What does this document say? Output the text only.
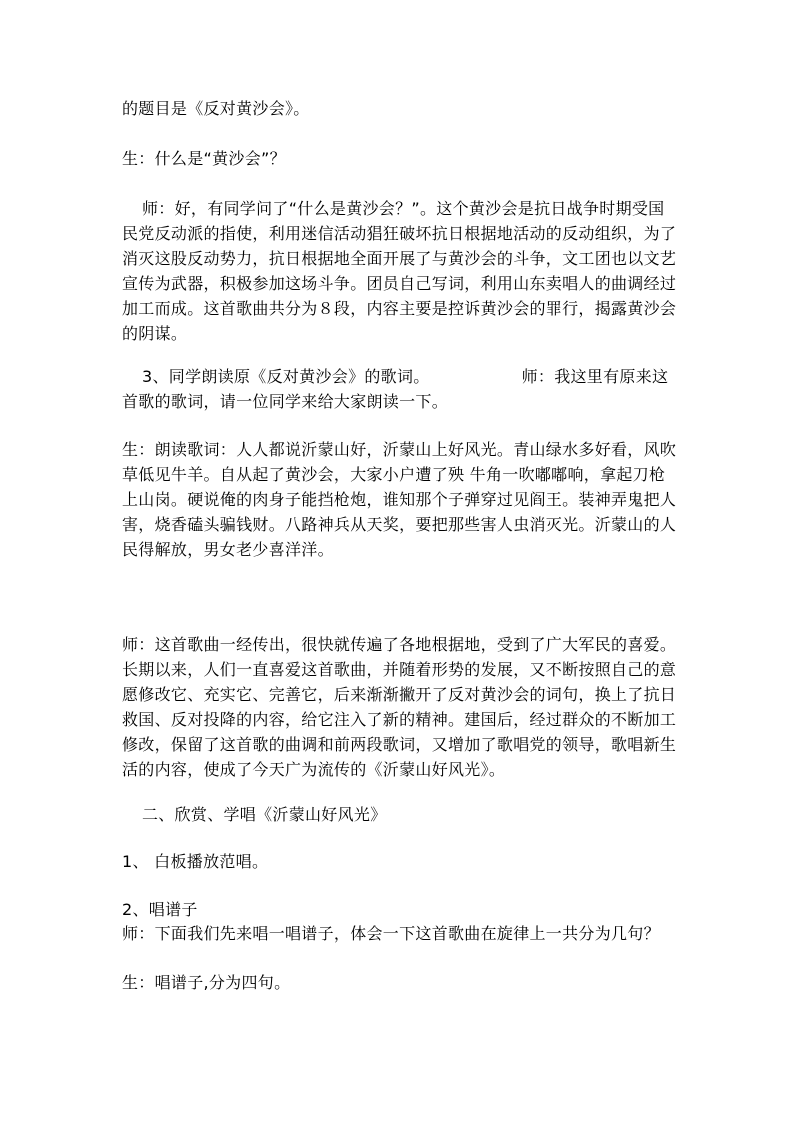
的题目是《反对黄沙会》。

生：什么是“黄沙会”？

师：好，有同学问了“什么是黄沙会？”。这个黄沙会是抗日战争时期受国民党反动派的指使，利用迷信活动猖狂破坏抗日根据地活动的反动组织，为了消灭这股反动势力，抗日根据地全面开展了与黄沙会的斗争，文工团也以文艺宣传为武器，积极参加这场斗争。团员自己写词，利用山东卖唱人的曲调经过加工而成。这首歌曲共分为８段，内容主要是控诉黄沙会的罪行，揭露黄沙会的阴谋。

3、同学朗读原《反对黄沙会》的歌词。	师：我这里有原来这首歌的歌词，请一位同学来给大家朗读一下。

生：朗读歌词：人人都说沂蒙山好，沂蒙山上好风光。青山绿水多好看，风吹草低见牛羊。自从起了黄沙会，大家小户遭了殃 牛角一吹嘟嘟响，拿起刀枪上山岗。硬说俺的肉身子能挡枪炮，谁知那个子弹穿过见阎王。装神弄鬼把人害，烧香磕头骗钱财。八路神兵从天奖，要把那些害人虫消灭光。沂蒙山的人民得解放，男女老少喜洋洋。

师：这首歌曲一经传出，很快就传遍了各地根据地，受到了广大军民的喜爱。长期以来，人们一直喜爱这首歌曲，并随着形势的发展，又不断按照自己的意愿修改它、充实它、完善它，后来渐渐撇开了反对黄沙会的词句，换上了抗日救国、反对投降的内容，给它注入了新的精神。建国后，经过群众的不断加工修改，保留了这首歌的曲调和前两段歌词，又增加了歌唱党的领导，歌唱新生活的内容，使成了今天广为流传的《沂蒙山好风光》。

二、欣赏、学唱《沂蒙山好风光》

1、 白板播放范唱。

2、唱谱子

师：下面我们先来唱一唱谱子，体会一下这首歌曲在旋律上一共分为几句？

生：唱谱子,分为四句。
